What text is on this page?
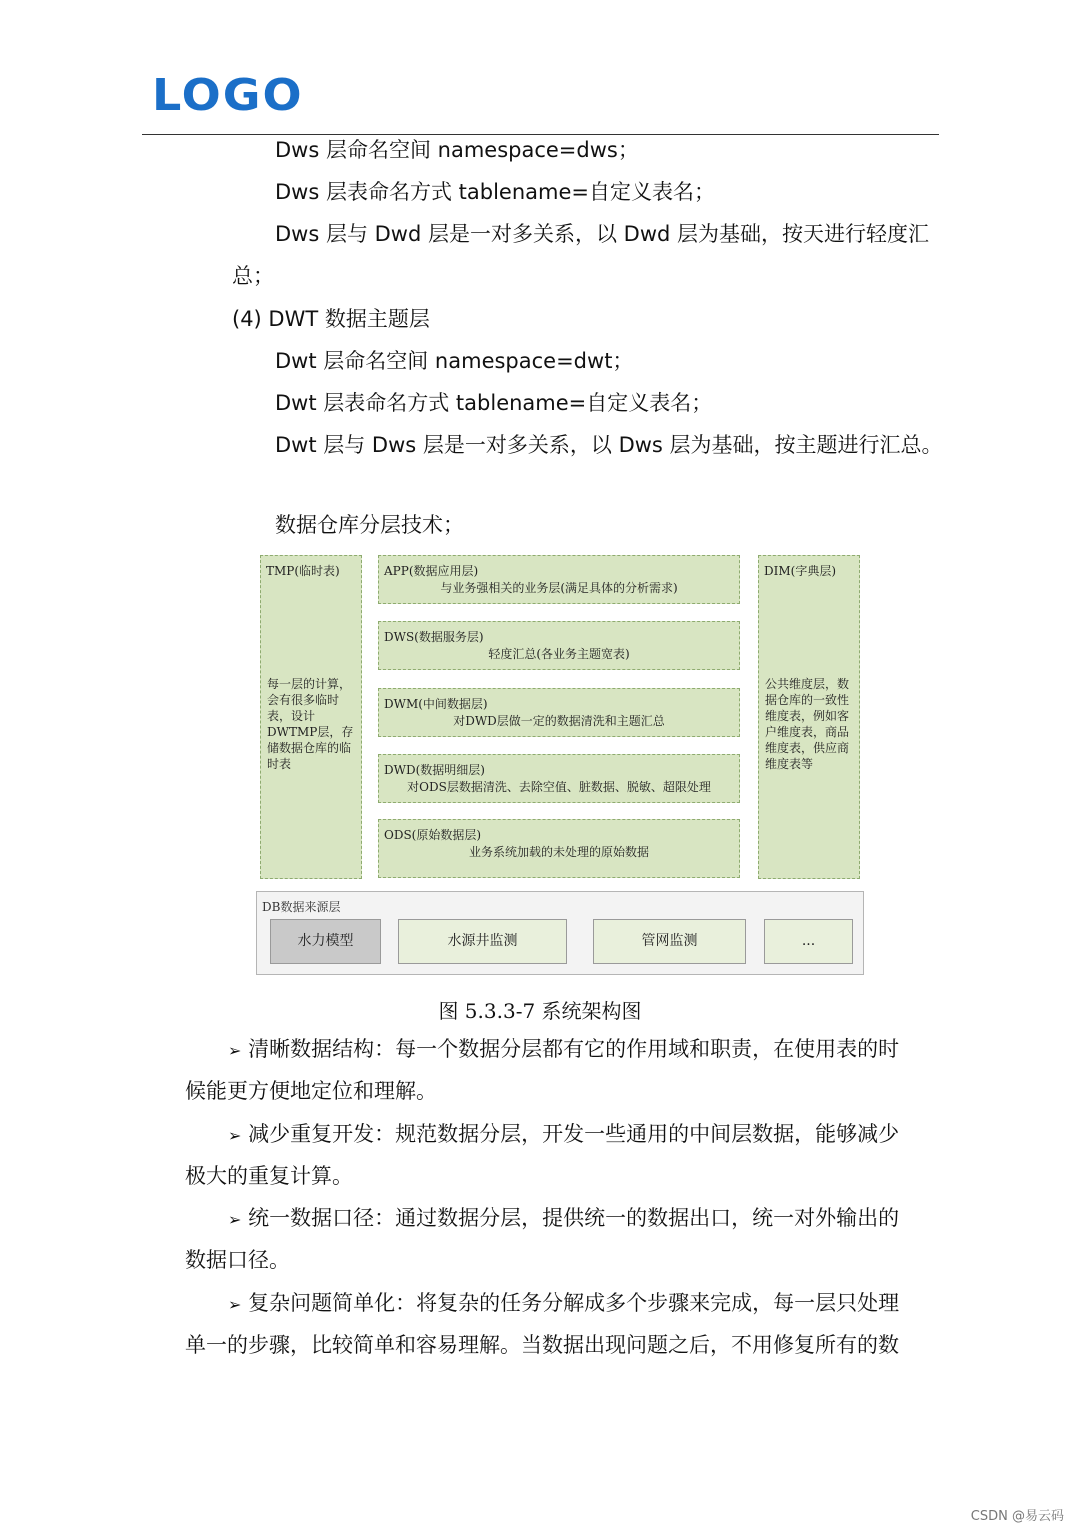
LOGO
Dws 层命名空间 namespace=dws；
Dws 层表命名方式 tablename=自定义表名；
Dws 层与 Dwd 层是一对多关系，以 Dwd 层为基础，按天进行轻度汇
总；
(4) DWT 数据主题层
Dwt 层命名空间 namespace=dwt；
Dwt 层表命名方式 tablename=自定义表名；
Dwt 层与 Dws 层是一对多关系，以 Dws 层为基础，按主题进行汇总。
数据仓库分层技术；
TMP(临时表)
每一层的计算，会有很多临时表，设计DWTMP层，存储数据仓库的临时表
APP(数据应用层)
与业务强相关的业务层(满足具体的分析需求)
DWS(数据服务层)
轻度汇总(各业务主题宽表)
DWM(中间数据层)
对DWD层做一定的数据清洗和主题汇总
DWD(数据明细层)
对ODS层数据清洗、去除空值、脏数据、脱敏、超限处理
ODS(原始数据层)
业务系统加载的未处理的原始数据
DIM(字典层)
公共维度层，数据仓库的一致性维度表，例如客户维度表，商品维度表，供应商维度表等
DB数据来源层
水力模型	水源井监测	管网监测	...
图 5.3.3-7 系统架构图
➢ 清晰数据结构：每一个数据分层都有它的作用域和职责，在使用表的时
候能更方便地定位和理解。
➢ 减少重复开发：规范数据分层，开发一些通用的中间层数据，能够减少
极大的重复计算。
➢ 统一数据口径：通过数据分层，提供统一的数据出口，统一对外输出的
数据口径。
➢ 复杂问题简单化：将复杂的任务分解成多个步骤来完成，每一层只处理
单一的步骤，比较简单和容易理解。当数据出现问题之后，不用修复所有的数
CSDN @易云码
